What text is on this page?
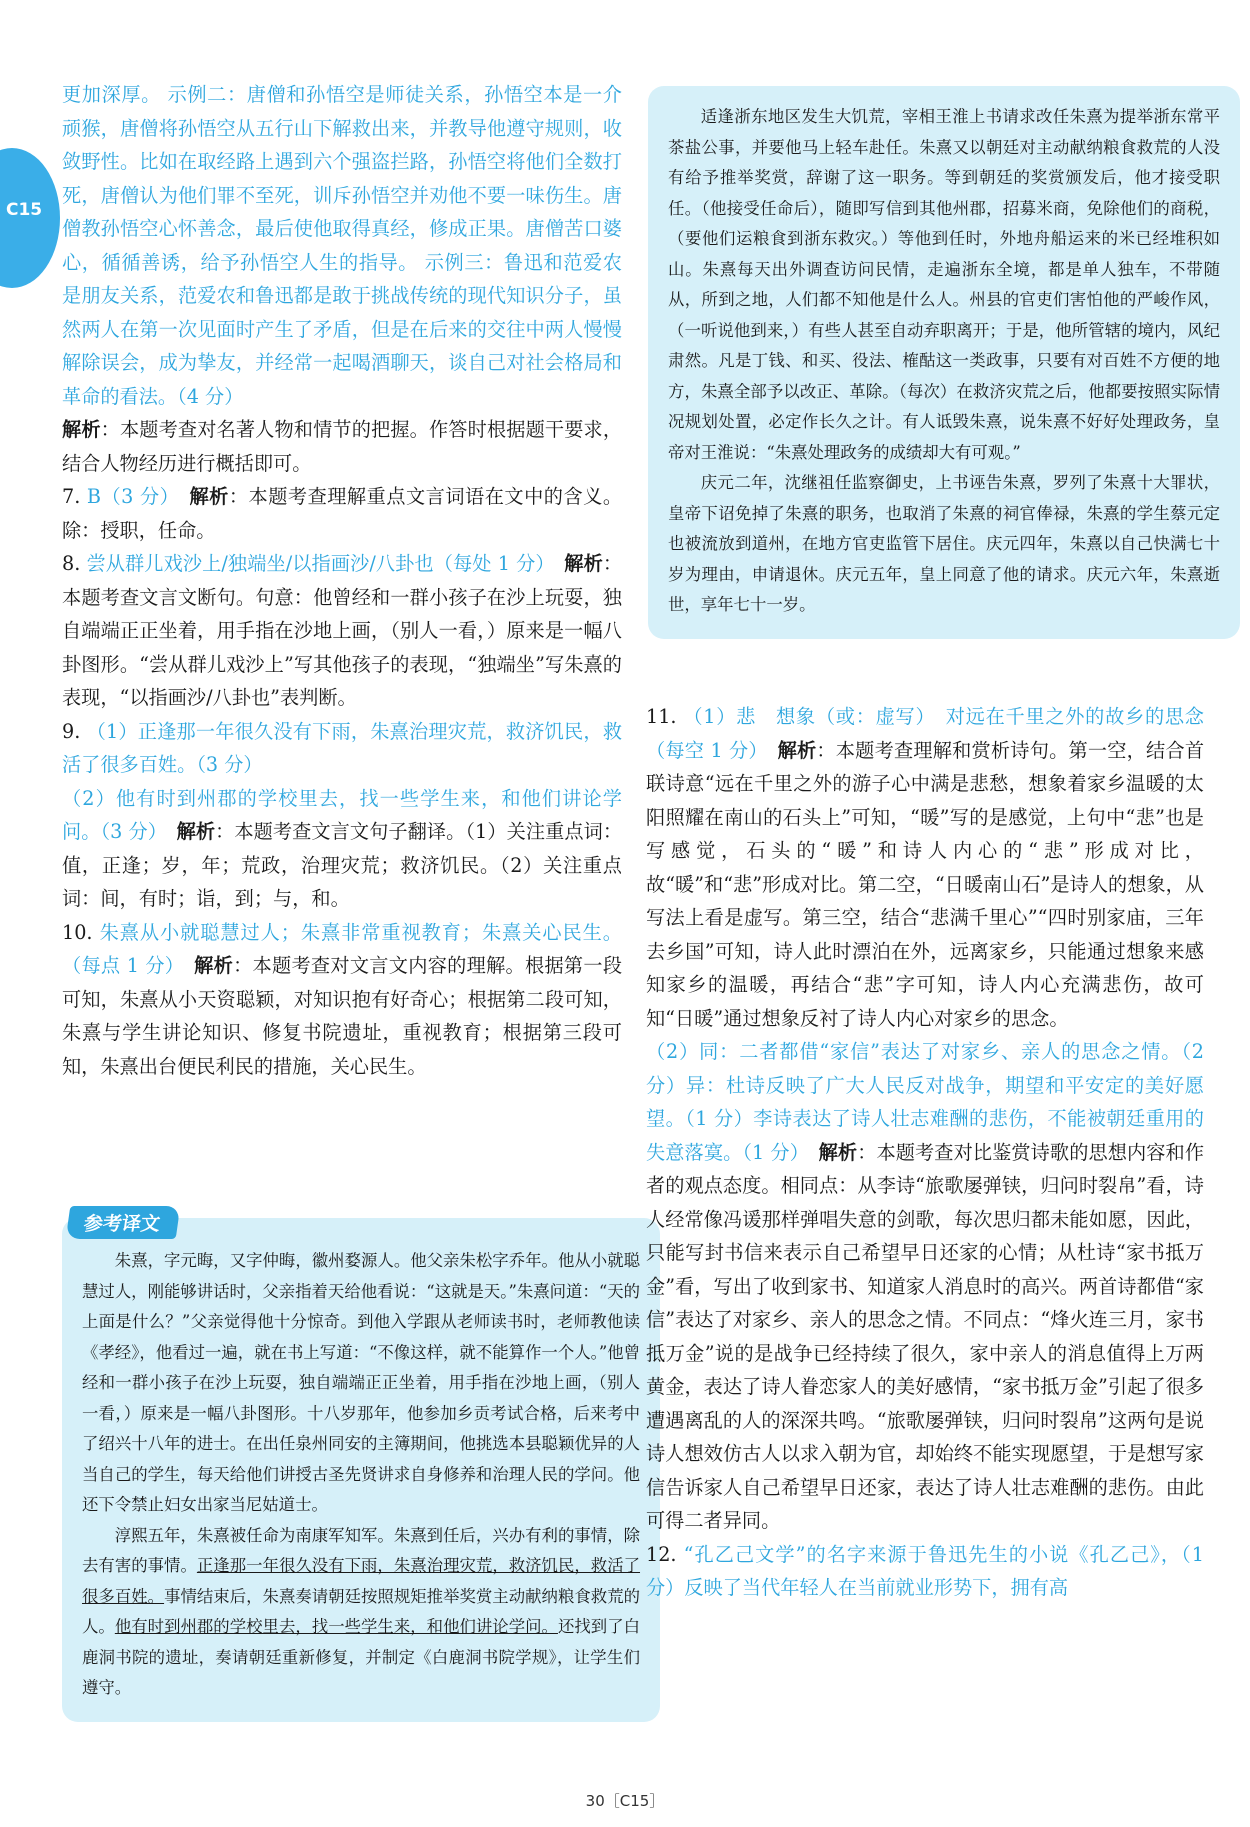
C15

更加深厚。 示例二：唐僧和孙悟空是师徒关系，孙悟空本是一介顽猴，唐僧将孙悟空从五行山下解救出来，并教导他遵守规则，收敛野性。比如在取经路上遇到六个强盗拦路，孙悟空将他们全数打死，唐僧认为他们罪不至死，训斥孙悟空并劝他不要一味伤生。唐僧教孙悟空心怀善念，最后使他取得真经，修成正果。唐僧苦口婆心，循循善诱，给予孙悟空人生的指导。 示例三：鲁迅和范爱农是朋友关系，范爱农和鲁迅都是敢于挑战传统的现代知识分子，虽然两人在第一次见面时产生了矛盾，但是在后来的交往中两人慢慢解除误会，成为挚友，并经常一起喝酒聊天，谈自己对社会格局和革命的看法。（4 分）

解析：本题考查对名著人物和情节的把握。作答时根据题干要求，结合人物经历进行概括即可。

7. B（3 分）　 解析：本题考查理解重点文言词语在文中的含义。除：授职，任命。

8. 尝从群儿戏沙上/独端坐/以指画沙/八卦也（每处 1 分）　 解析：本题考查文言文断句。句意：他曾经和一群小孩子在沙上玩耍，独自端端正正坐着，用手指在沙地上画，（别人一看，）原来是一幅八卦图形。“尝从群儿戏沙上”写其他孩子的表现，“独端坐”写朱熹的表现，“以指画沙/八卦也”表判断。

9. （1）正逢那一年很久没有下雨，朱熹治理灾荒，救济饥民，救活了很多百姓。（3 分）

（2）他有时到州郡的学校里去，找一些学生来，和他们讲论学问。（3 分）　 解析：本题考查文言文句子翻译。（1）关注重点词：值，正逢；岁，年；荒政，治理灾荒；救济饥民。（2）关注重点词：间，有时；诣，到；与，和。

10. 朱熹从小就聪慧过人；朱熹非常重视教育；朱熹关心民生。（每点 1 分）　 解析：本题考查对文言文内容的理解。根据第一段可知，朱熹从小天资聪颖，对知识抱有好奇心；根据第二段可知，朱熹与学生讲论知识、修复书院遗址，重视教育；根据第三段可知，朱熹出台便民利民的措施，关心民生。

朱熹，字元晦，又字仲晦，徽州婺源人。他父亲朱松字乔年。他从小就聪慧过人，刚能够讲话时，父亲指着天给他看说：“这就是天。”朱熹问道：“天的上面是什么？”父亲觉得他十分惊奇。到他入学跟从老师读书时，老师教他读《孝经》，他看过一遍，就在书上写道：“不像这样，就不能算作一个人。”他曾经和一群小孩子在沙上玩耍，独自端端正正坐着，用手指在沙地上画，（别人一看，）原来是一幅八卦图形。十八岁那年，他参加乡贡考试合格，后来考中了绍兴十八年的进士。在出任泉州同安的主簿期间，他挑选本县聪颖优异的人当自己的学生，每天给他们讲授古圣先贤讲求自身修养和治理人民的学问。他还下令禁止妇女出家当尼姑道士。

淳熙五年，朱熹被任命为南康军知军。朱熹到任后，兴办有利的事情，除去有害的事情。正逢那一年很久没有下雨，朱熹治理灾荒，救济饥民，救活了很多百姓。事情结束后，朱熹奏请朝廷按照规矩推举奖赏主动献纳粮食救荒的人。他有时到州郡的学校里去，找一些学生来，和他们讲论学问。还找到了白鹿洞书院的遗址，奏请朝廷重新修复，并制定《白鹿洞书院学规》，让学生们遵守。

参考译文

适逢浙东地区发生大饥荒，宰相王淮上书请求改任朱熹为提举浙东常平茶盐公事，并要他马上轻车赴任。朱熹又以朝廷对主动献纳粮食救荒的人没有给予推举奖赏，辞谢了这一职务。等到朝廷的奖赏颁发后，他才接受职任。（他接受任命后），随即写信到其他州郡，招募米商，免除他们的商税，（要他们运粮食到浙东救灾。）等他到任时，外地舟船运来的米已经堆积如山。朱熹每天出外调查访问民情，走遍浙东全境，都是单人独车，不带随从，所到之地，人们都不知他是什么人。州县的官吏们害怕他的严峻作风，（一听说他到来，）有些人甚至自动弃职离开；于是，他所管辖的境内，风纪肃然。凡是丁钱、和买、役法、榷酤这一类政事，只要有对百姓不方便的地方，朱熹全部予以改正、革除。（每次）在救济灾荒之后，他都要按照实际情况规划处置，必定作长久之计。有人诋毁朱熹，说朱熹不好好处理政务，皇帝对王淮说：“朱熹处理政务的成绩却大有可观。”

庆元二年，沈继祖任监察御史，上书诬告朱熹，罗列了朱熹十大罪状，皇帝下诏免掉了朱熹的职务，也取消了朱熹的祠官俸禄，朱熹的学生蔡元定也被流放到道州，在地方官吏监管下居住。庆元四年，朱熹以自己快满七十岁为理由，申请退休。庆元五年，皇上同意了他的请求。庆元六年，朱熹逝世，享年七十一岁。

11. （1）悲　想象（或：虚写）　对远在千里之外的故乡的思念（每空 1 分）　 解析：本题考查理解和赏析诗句。第一空，结合首联诗意“远在千里之外的游子心中满是悲愁，想象着家乡温暖的太阳照耀在南山的石头上”可知，“暖”写的是感觉，上句中“悲”也是写感觉，石头的“暖”和诗人内心的“悲”形成对比，故“暖”和“悲”形成对比。第二空，“日暖南山石”是诗人的想象，从写法上看是虚写。第三空，结合“悲满千里心”“四时别家庙，三年去乡国”可知，诗人此时漂泊在外，远离家乡，只能通过想象来感知家乡的温暖，再结合“悲”字可知，诗人内心充满悲伤，故可知“日暖”通过想象反衬了诗人内心对家乡的思念。

（2）同：二者都借“家信”表达了对家乡、亲人的思念之情。（2 分）异：杜诗反映了广大人民反对战争，期望和平安定的美好愿望。（1 分）李诗表达了诗人壮志难酬的悲伤，不能被朝廷重用的失意落寞。（1 分）　 解析：本题考查对比鉴赏诗歌的思想内容和作者的观点态度。相同点：从李诗“旅歌屡弹铗，归问时裂帛”看，诗人经常像冯谖那样弹唱失意的剑歌，每次思归都未能如愿，因此，只能写封书信来表示自己希望早日还家的心情；从杜诗“家书抵万金”看，写出了收到家书、知道家人消息时的高兴。两首诗都借“家信”表达了对家乡、亲人的思念之情。不同点：“烽火连三月，家书抵万金”说的是战争已经持续了很久，家中亲人的消息值得上万两黄金，表达了诗人眷恋家人的美好感情，“家书抵万金”引起了很多遭遇离乱的人的深深共鸣。“旅歌屡弹铗，归问时裂帛”这两句是说诗人想效仿古人以求入朝为官，却始终不能实现愿望，于是想写家信告诉家人自己希望早日还家，表达了诗人壮志难酬的悲伤。由此可得二者异同。

12. “孔乙己文学”的名字来源于鲁迅先生的小说《孔乙己》，（1 分）反映了当代年轻人在当前就业形势下，拥有高

30［C15］
